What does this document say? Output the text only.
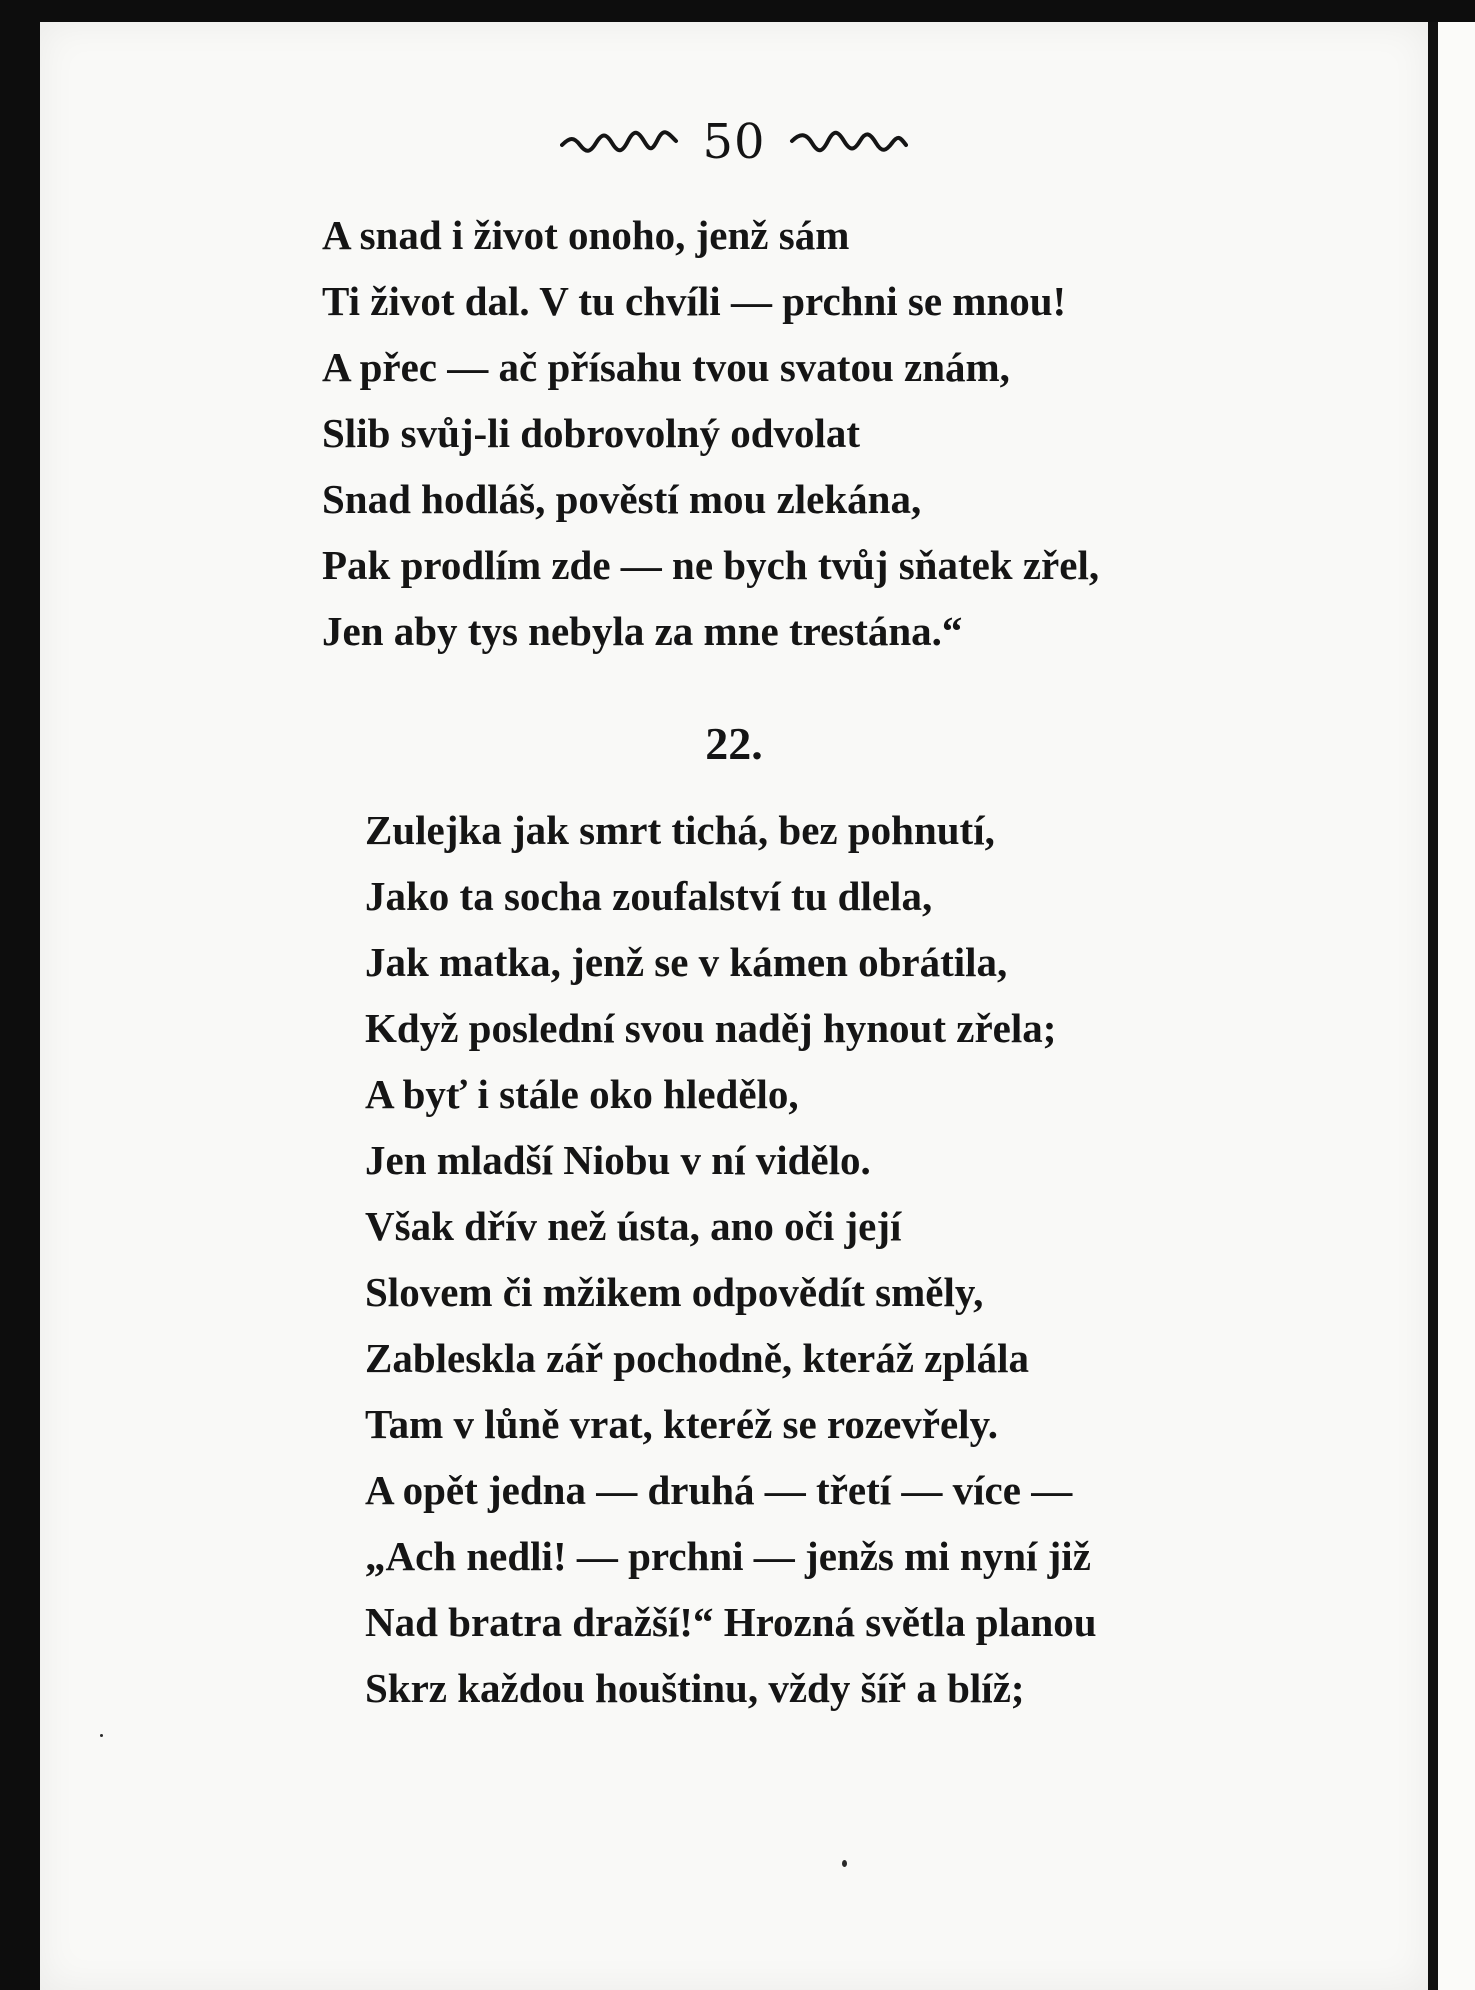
50
A snad i život onoho, jenž sám
Ti život dal. V tu chvíli — prchni se mnou!
A přec — ač přísahu tvou svatou znám,
Slib svůj-li dobrovolný odvolat
Snad hodláš, pověstí mou zlekána,
Pak prodlím zde — ne bych tvůj sňatek zřel,
Jen aby tys nebyla za mne trestána.“
22.
Zulejka jak smrt tichá, bez pohnutí,
Jako ta socha zoufalství tu dlela,
Jak matka, jenž se v kámen obrátila,
Když poslední svou naděj hynout zřela;
A byť i stále oko hledělo,
Jen mladší Niobu v ní vidělo.
Však dřív než ústa, ano oči její
Slovem či mžikem odpovědít směly,
Zableskla zář pochodně, kteráž zplála
Tam v lůně vrat, kteréž se rozevřely.
A opět jedna — druhá — třetí — více —
„Ach nedli! — prchni — jenžs mi nyní již
Nad bratra dražší!“ Hrozná světla planou
Skrz každou houštinu, vždy šíř a blíž;
